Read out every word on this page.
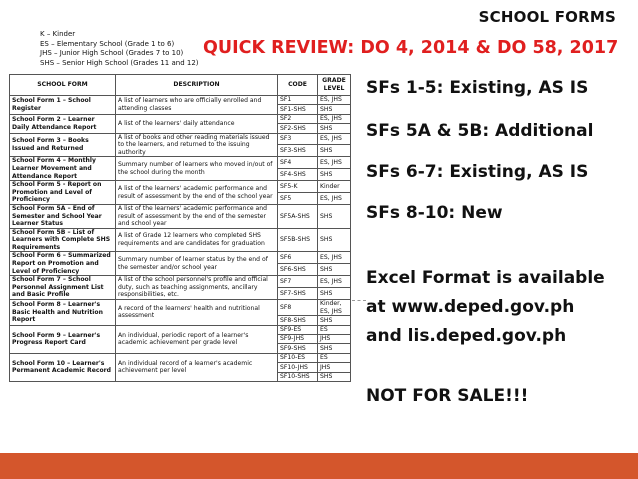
SCHOOL FORMS
K – Kinder
ES – Elementary School (Grade 1 to 6)
JHS – Junior High School (Grades 7 to 10)
SHS – Senior High School (Grades 11 and 12)
QUICK REVIEW: DO 4, 2014 & DO 58, 2017
SCHOOL FORM	DESCRIPTION	CODE	GRADE LEVEL
School Form 1 – School Register	A list of learners who are officially enrolled and attending classes	SF1	ES, JHS
		SF1-SHS	SHS
School Form 2 – Learner Daily Attendance Report	A list of the learners' daily attendance	SF2	ES, JHS
		SF2-SHS	SHS
School Form 3 – Books Issued and Returned	A list of books and other reading materials issued to the learners, and returned to the issuing authority	SF3	ES, JHS
		SF3-SHS	SHS
School Form 4 – Monthly Learner Movement and Attendance Report	Summary number of learners who moved in/out of the school during the month	SF4	ES, JHS
		SF4-SHS	SHS
School Form 5 - Report on Promotion and Level of Proficiency	A list of the learners' academic performance and result of assessment by the end of the school year	SF5-K	Kinder
		SF5	ES, JHS
School Form 5A – End of Semester and School Year Learner Status	A list of the learners' academic performance and result of assessment by the end of the semester and school year	SF5A-SHS	SHS
School Form 5B – List of Learners with Complete SHS Requirements	A list of Grade 12 learners who completed SHS requirements and are candidates for graduation	SF5B-SHS	SHS
School Form 6 – Summarized Report on Promotion and Level of Proficiency	Summary number of learner status by the end of the semester and/or school year	SF6	ES, JHS
		SF6-SHS	SHS
School Form 7 – School Personnel Assignment List and Basic Profile	A list of the school personnel's profile and official duty, such as teaching assignments, ancillary responsibilities, etc.	SF7	ES, JHS
		SF7-SHS	SHS
School Form 8 – Learner's Basic Health and Nutrition Report	A record of the learners' health and nutritional assessment	SF8	Kinder, ES, JHS
		SF8-SHS	SHS
School Form 9 – Learner's Progress Report Card	An individual, periodic report of a learner's academic achievement per grade level	SF9-ES	ES
		SF9-JHS	JHS
		SF9-SHS	SHS
School Form 10 – Learner's Permanent Academic Record	An individual record of a learner's academic achievement per level	SF10-ES	ES
		SF10-JHS	JHS
		SF10-SHS	SHS
SFs 1-5: Existing, AS IS
SFs 5A & 5B: Additional
SFs 6-7: Existing, AS IS
SFs 8-10: New
Excel Format is available
at www.deped.gov.ph
and lis.deped.gov.ph
NOT FOR SALE!!!
